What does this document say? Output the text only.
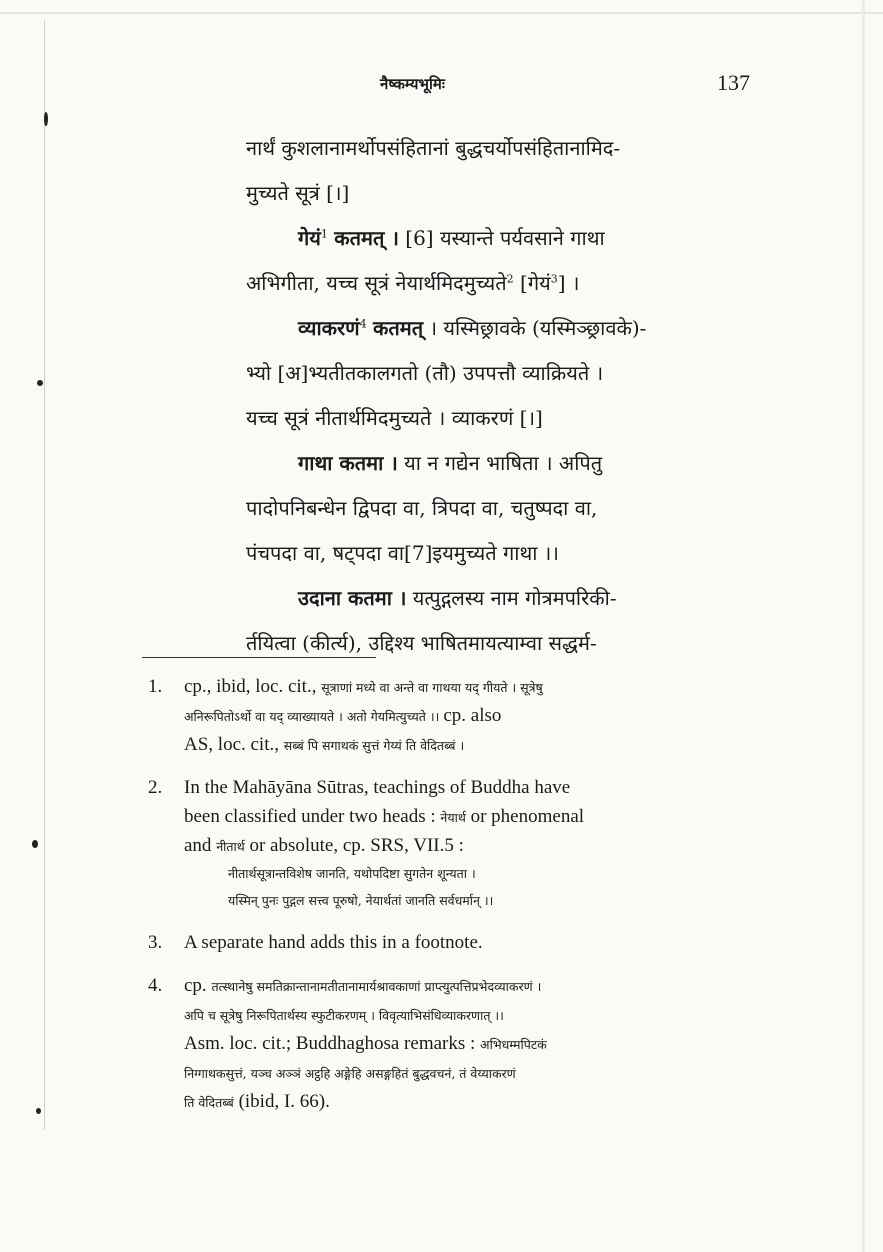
नैष्कम्यभूमिः	137
नार्थं कुशलानामर्थोपसंहितानां बुद्धचर्योपसंहितानामिद-
मुच्यते सूत्रं [।]
गेयं$^1$ कतमत् । [6] यस्यान्ते पर्यवसाने गाथा
अभिगीता, यच्च सूत्रं नेयार्थमिदमुच्यते$^2$ [गेयं$^3$] ।
व्याकरणं$^4$ कतमत् । यस्मिछ्रावके (यस्मिञ्छ्रावके)-
भ्यो [अ]भ्यतीतकालगतो (तौ) उपपत्तौ व्याक्रियते ।
यच्च सूत्रं नीतार्थमिदमुच्यते । व्याकरणं [।]
गाथा कतमा । या न गद्येन भाषिता । अपितु
पादोपनिबन्धेन द्विपदा वा, त्रिपदा वा, चतुष्पदा वा,
पंचपदा वा, षट्पदा वा[7]इयमुच्यते गाथा ।।
उदाना कतमा । यत्पुद्गलस्य नाम गोत्रमपरिकी-
र्तयित्वा (कीर्त्य), उद्दिश्य भाषितमायत्याम्वा सद्धर्म-
1. cp., ibid, loc. cit., सूत्राणां मध्ये वा अन्ते वा गाथया यद् गीयते । सूत्रेषु
अनिरूपितोऽर्थो वा यद् व्याख्यायते । अतो गेयमित्युच्यते ।। cp. also
AS, loc. cit., सब्बं पि सगाथकं सुत्तं गेय्यं ति वेदितब्बं ।
2. In the Mahāyāna Sūtras, teachings of Buddha have
been classified under two heads : नेयार्थ or phenomenal
and नीतार्थ or absolute, cp. SRS, VII.5 :
नीतार्थसूत्रान्तविशेष जानति, यथोपदिष्टा सुगतेन शून्यता ।
यस्मिन् पुनः पुद्गल सत्त्व पूरुषो, नेयार्थतां जानति सर्वधर्मान् ।।
3. A separate hand adds this in a footnote.
4. cp. तत्स्थानेषु समतिक्रान्तानामतीतानामार्यश्रावकाणां प्राप्त्युत्पत्तिप्रभेदव्याकरणं ।
अपि च सूत्रेषु निरूपितार्थस्य स्फुटीकरणम् । विवृत्याभिसंधिव्याकरणात् ।।
Asm. loc. cit.; Buddhaghosa remarks : अभिधम्मपिटकं
निग्गाथकसुत्तं, यञ्च अञ्ञं अट्ठहि अङ्गेहि असङ्गहितं बुद्धवचनं, तं वेय्याकरणं
ति वेदितब्बं (ibid, I. 66).
